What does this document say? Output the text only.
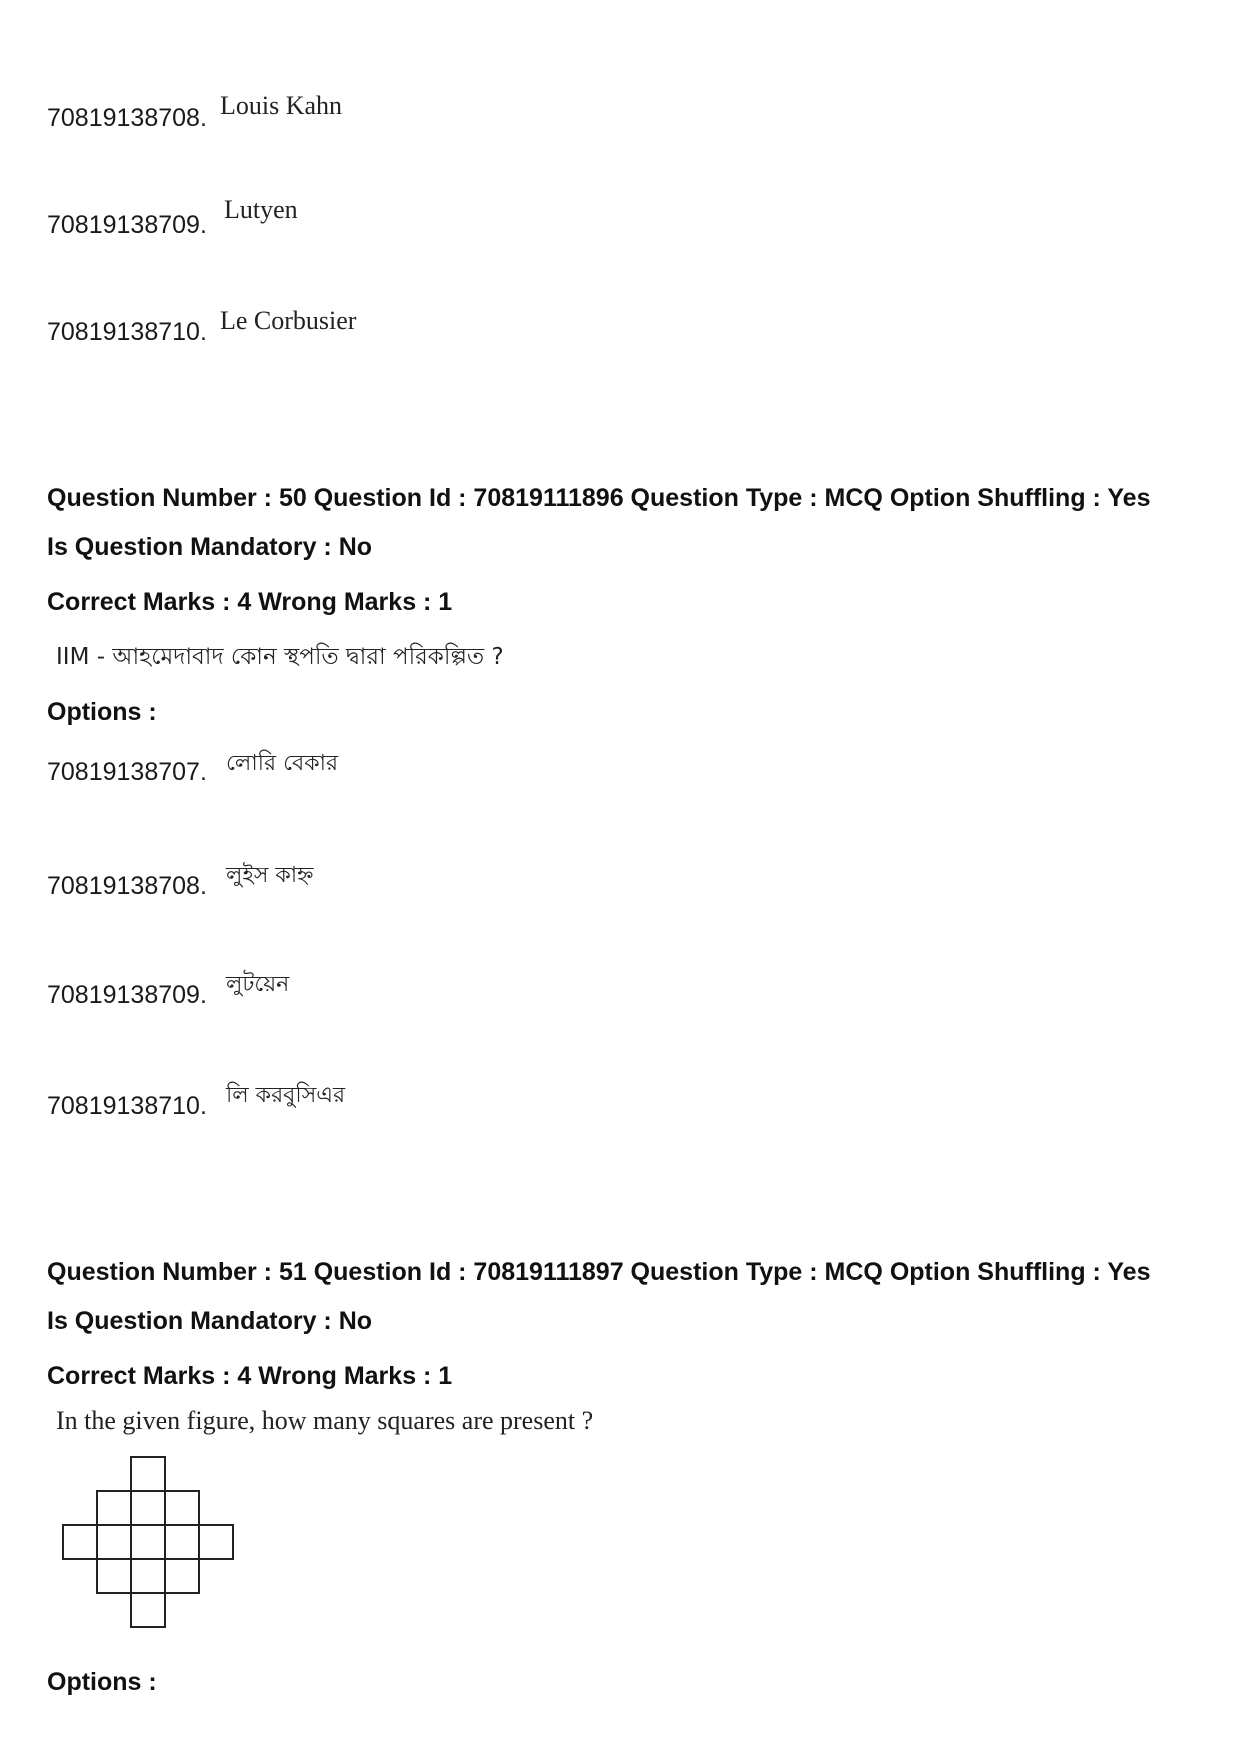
70819138708. Louis Kahn
70819138709.
Lutyen
70819138710. Le Corbusier
Question Number : 50 Question Id : 70819111896 Question Type : MCQ Option Shuffling : Yes
Is Question Mandatory : No
Correct Marks : 4 Wrong Marks : 1
IIM - আহমেদাবাদ কোন স্থপতি দ্বারা পরিকল্পিত ?
Options :
70819138707. লোরি বেকার
70819138708. লুইস কাহ্ন
70819138709. লুটয়েন
70819138710. লি করবুসিএর
Question Number : 51 Question Id : 70819111897 Question Type : MCQ Option Shuffling : Yes
Is Question Mandatory : No
Correct Marks : 4 Wrong Marks : 1
In the given figure, how many squares are present ?
Options :
